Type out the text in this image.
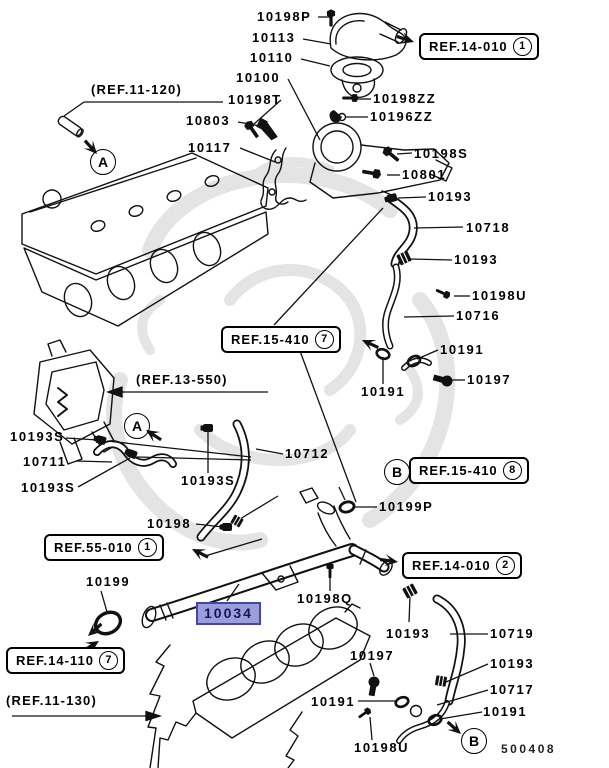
10198P
10113
10110
10100
10198T
10803
10198ZZ
10196ZZ
10117	10198S
10801
10193
10718
10193
10198U
10716
10191
10197
10191
10193S
10711
10193S
10712
10193S
10199P
10198
10199
10198Q
10193	10719
10197
10193
10717
10191
10191
10198U
(REF.11-120)
(REF.13-550)
(REF.11-130)
REF.14-010	1
REF.15-410	7
REF.15-410	8
REF.55-010	1
REF.14-010	2
REF.14-110	7
A
A
B
B
10034
500408
